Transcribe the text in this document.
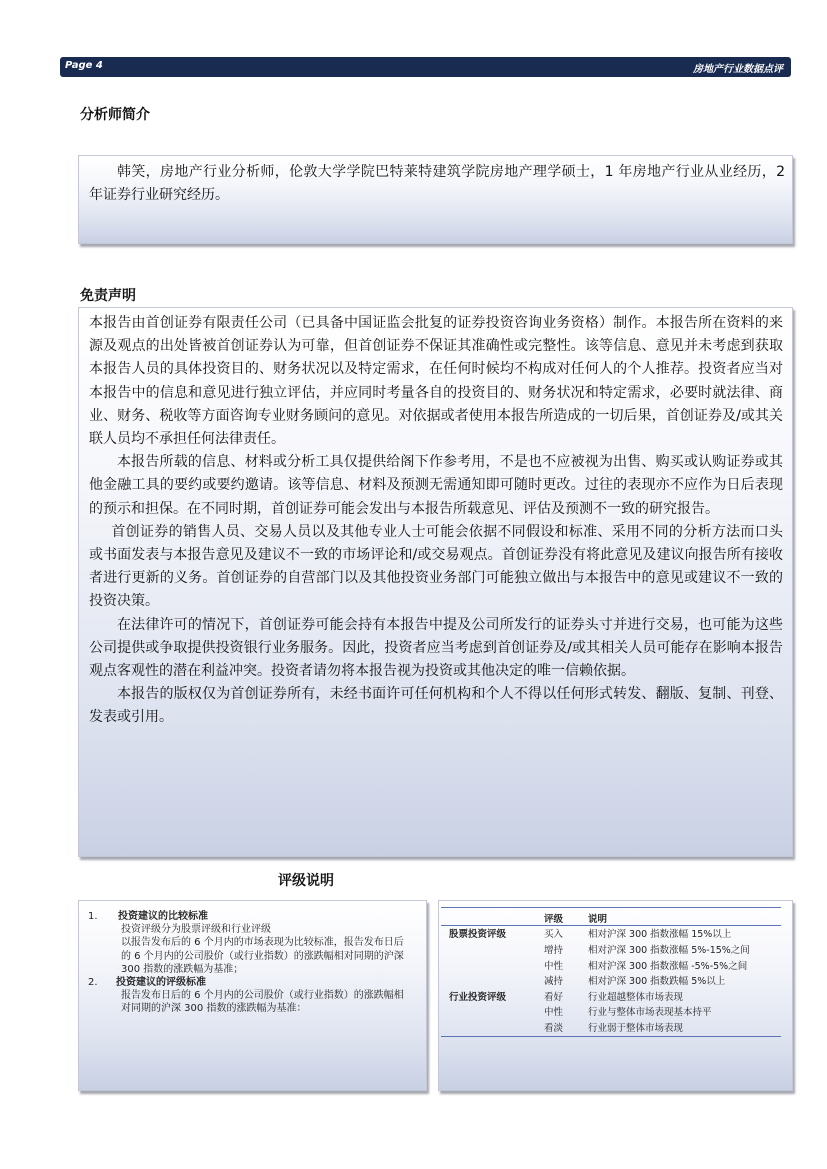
Page 4	房地产行业数据点评
分析师简介

韩笑，房地产行业分析师，伦敦大学学院巴特莱特建筑学院房地产理学硕士，1 年房地产行业从业经历，2 年证券行业研究经历。

免责声明

本报告由首创证券有限责任公司（已具备中国证监会批复的证券投资咨询业务资格）制作。本报告所在资料的来源及观点的出处皆被首创证券认为可靠，但首创证券不保证其准确性或完整性。该等信息、意见并未考虑到获取本报告人员的具体投资目的、财务状况以及特定需求，在任何时候均不构成对任何人的个人推荐。投资者应当对本报告中的信息和意见进行独立评估，并应同时考量各自的投资目的、财务状况和特定需求，必要时就法律、商业、财务、税收等方面咨询专业财务顾问的意见。对依据或者使用本报告所造成的一切后果，首创证券及/或其关联人员均不承担任何法律责任。

本报告所载的信息、材料或分析工具仅提供给阁下作参考用，不是也不应被视为出售、购买或认购证券或其他金融工具的要约或要约邀请。该等信息、材料及预测无需通知即可随时更改。过往的表现亦不应作为日后表现的预示和担保。在不同时期，首创证券可能会发出与本报告所载意见、评估及预测不一致的研究报告。

首创证券的销售人员、交易人员以及其他专业人士可能会依据不同假设和标准、采用不同的分析方法而口头或书面发表与本报告意见及建议不一致的市场评论和/或交易观点。首创证券没有将此意见及建议向报告所有接收者进行更新的义务。首创证券的自营部门以及其他投资业务部门可能独立做出与本报告中的意见或建议不一致的投资决策。

在法律许可的情况下，首创证券可能会持有本报告中提及公司所发行的证券头寸并进行交易，也可能为这些公司提供或争取提供投资银行业务服务。因此，投资者应当考虑到首创证券及/或其相关人员可能存在影响本报告观点客观性的潜在利益冲突。投资者请勿将本报告视为投资或其他决定的唯一信赖依据。

本报告的版权仅为首创证券所有，未经书面许可任何机构和个人不得以任何形式转发、翻版、复制、刊登、发表或引用。

评级说明
1.	投资建议的比较标准
投资评级分为股票评级和行业评级
以报告发布后的 6 个月内的市场表现为比较标准，报告发布日后的 6 个月内的公司股价（或行业指数）的涨跌幅相对同期的沪深 300 指数的涨跌幅为基准；
2.	投资建议的评级标准
报告发布日后的 6 个月内的公司股价（或行业指数）的涨跌幅相对同期的沪深 300 指数的涨跌幅为基准：
	评级	说明
股票投资评级	买入	相对沪深 300 指数涨幅 15%以上
	增持	相对沪深 300 指数涨幅 5%-15%之间
	中性	相对沪深 300 指数涨幅 -5%-5%之间
	减持	相对沪深 300 指数跌幅 5%以上
行业投资评级	看好	行业超越整体市场表现
	中性	行业与整体市场表现基本持平
	看淡	行业弱于整体市场表现
